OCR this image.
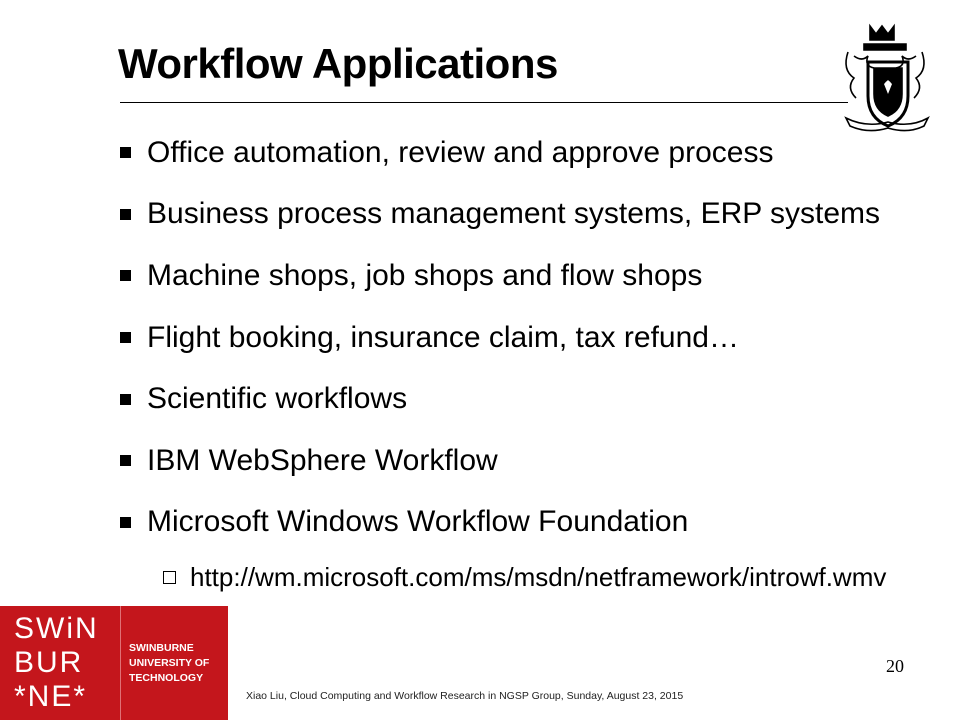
Workflow Applications
Office automation, review and approve process
Business process management systems, ERP systems
Machine shops, job shops and flow shops
Flight booking, insurance claim, tax refund…
Scientific workflows
IBM WebSphere Workflow
Microsoft Windows Workflow Foundation
http://wm.microsoft.com/ms/msdn/netframework/introwf.wmv
SWiN
BUR
*NE*
SWINBURNE
UNIVERSITY OF
TECHNOLOGY
20
Xiao Liu, Cloud Computing and Workflow Research in NGSP Group, Sunday, August 23, 2015
